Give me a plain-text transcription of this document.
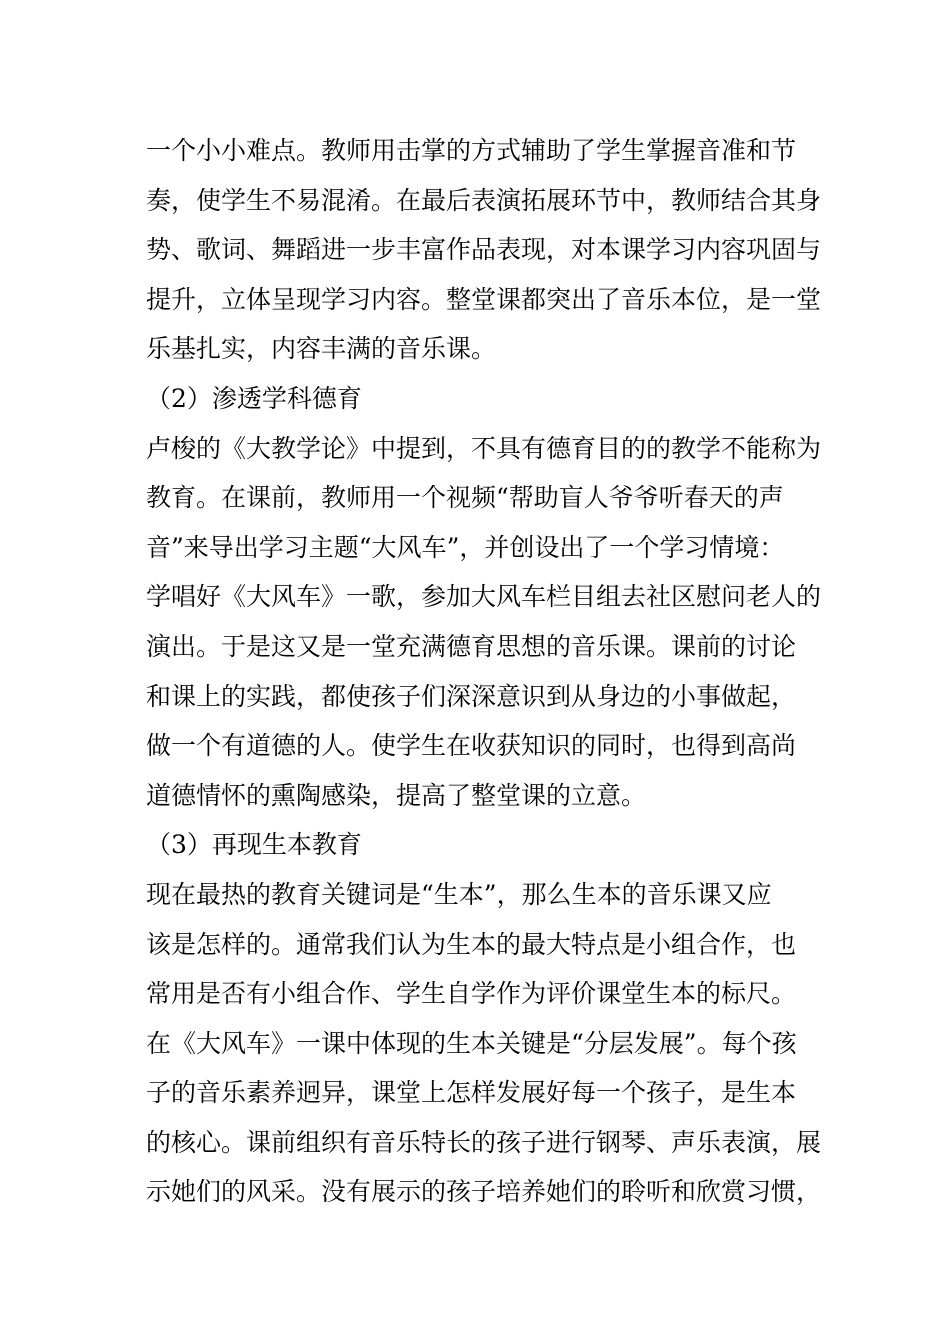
一个小小难点。教师用击掌的方式辅助了学生掌握音准和节
奏，使学生不易混淆。在最后表演拓展环节中，教师结合其身
势、歌词、舞蹈进一步丰富作品表现，对本课学习内容巩固与
提升，立体呈现学习内容。整堂课都突出了音乐本位，是一堂
乐基扎实，内容丰满的音乐课。
（2）渗透学科德育
卢梭的《大教学论》中提到，不具有德育目的的教学不能称为
教育。在课前，教师用一个视频“帮助盲人爷爷听春天的声
音”来导出学习主题“大风车”，并创设出了一个学习情境：
学唱好《大风车》一歌，参加大风车栏目组去社区慰问老人的
演出。于是这又是一堂充满德育思想的音乐课。课前的讨论
和课上的实践，都使孩子们深深意识到从身边的小事做起，
做一个有道德的人。使学生在收获知识的同时，也得到高尚
道德情怀的熏陶感染，提高了整堂课的立意。
（3）再现生本教育
现在最热的教育关键词是“生本”，那么生本的音乐课又应
该是怎样的。通常我们认为生本的最大特点是小组合作，也
常用是否有小组合作、学生自学作为评价课堂生本的标尺。
在《大风车》一课中体现的生本关键是“分层发展”。每个孩
子的音乐素养迥异，课堂上怎样发展好每一个孩子，是生本
的核心。课前组织有音乐特长的孩子进行钢琴、声乐表演，展
示她们的风采。没有展示的孩子培养她们的聆听和欣赏习惯，
